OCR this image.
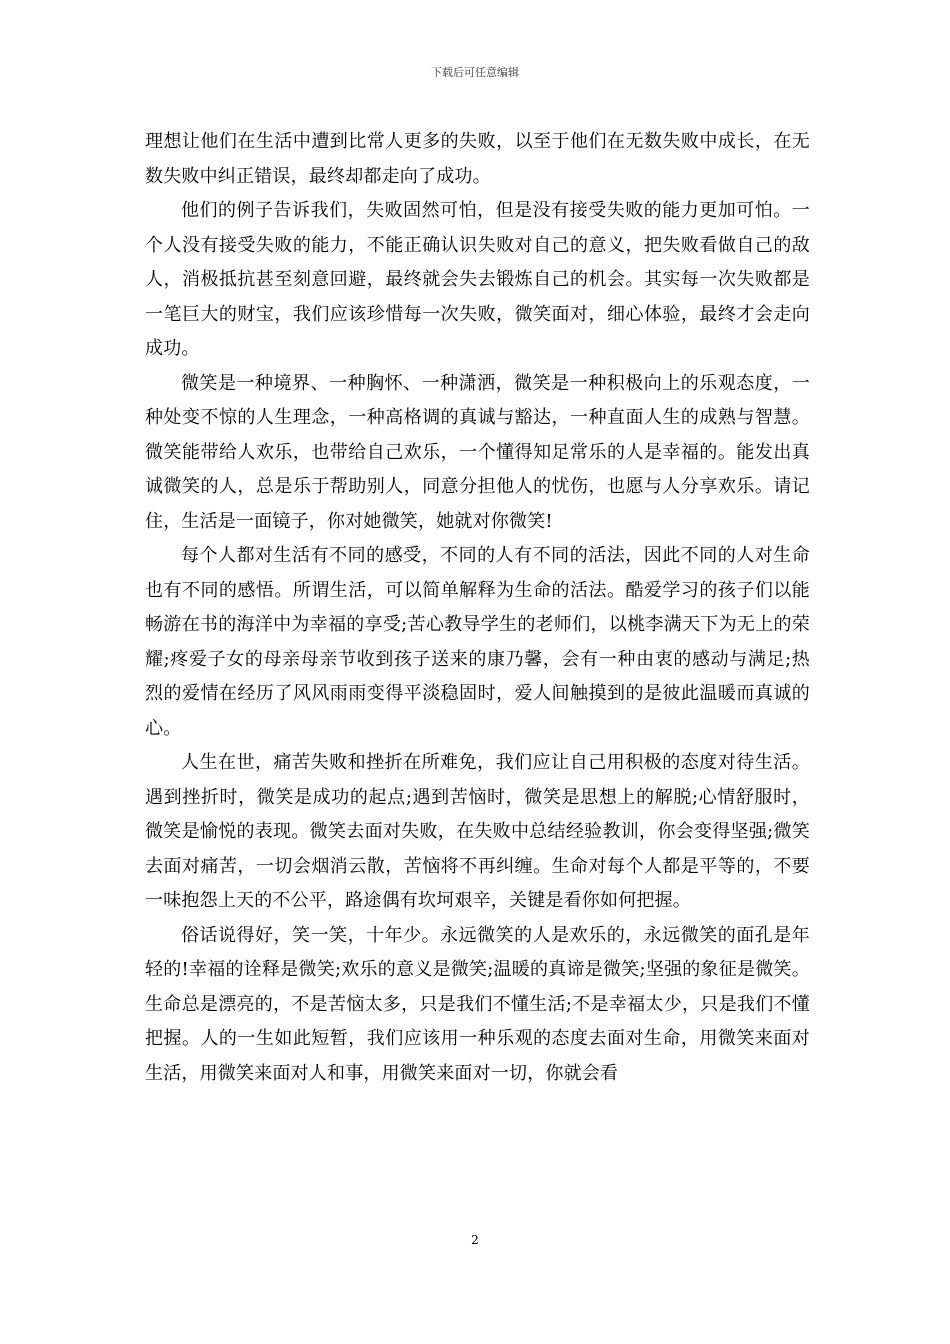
下载后可任意编辑

理想让他们在生活中遭到比常人更多的失败，以至于他们在无数失败中成长，在无数失败中纠正错误，最终却都走向了成功。

他们的例子告诉我们，失败固然可怕，但是没有接受失败的能力更加可怕。一个人没有接受失败的能力，不能正确认识失败对自己的意义，把失败看做自己的敌人，消极抵抗甚至刻意回避，最终就会失去锻炼自己的机会。其实每一次失败都是一笔巨大的财宝，我们应该珍惜每一次失败，微笑面对，细心体验，最终才会走向成功。

微笑是一种境界、一种胸怀、一种潇洒，微笑是一种积极向上的乐观态度，一种处变不惊的人生理念，一种高格调的真诚与豁达，一种直面人生的成熟与智慧。微笑能带给人欢乐，也带给自己欢乐，一个懂得知足常乐的人是幸福的。能发出真诚微笑的人，总是乐于帮助别人，同意分担他人的忧伤，也愿与人分享欢乐。请记住，生活是一面镜子，你对她微笑，她就对你微笑!

每个人都对生活有不同的感受，不同的人有不同的活法，因此不同的人对生命也有不同的感悟。所谓生活，可以简单解释为生命的活法。酷爱学习的孩子们以能畅游在书的海洋中为幸福的享受;苦心教导学生的老师们，以桃李满天下为无上的荣耀;疼爱子女的母亲母亲节收到孩子送来的康乃馨，会有一种由衷的感动与满足;热烈的爱情在经历了风风雨雨变得平淡稳固时，爱人间触摸到的是彼此温暖而真诚的心。

人生在世，痛苦失败和挫折在所难免，我们应让自己用积极的态度对待生活。遇到挫折时，微笑是成功的起点;遇到苦恼时，微笑是思想上的解脱;心情舒服时，微笑是愉悦的表现。微笑去面对失败，在失败中总结经验教训，你会变得坚强;微笑去面对痛苦，一切会烟消云散，苦恼将不再纠缠。生命对每个人都是平等的，不要一味抱怨上天的不公平，路途偶有坎坷艰辛，关键是看你如何把握。

俗话说得好，笑一笑，十年少。永远微笑的人是欢乐的，永远微笑的面孔是年轻的!幸福的诠释是微笑;欢乐的意义是微笑;温暖的真谛是微笑;坚强的象征是微笑。生命总是漂亮的，不是苦恼太多，只是我们不懂生活;不是幸福太少，只是我们不懂把握。人的一生如此短暂，我们应该用一种乐观的态度去面对生命，用微笑来面对生活，用微笑来面对人和事，用微笑来面对一切，你就会看

2
